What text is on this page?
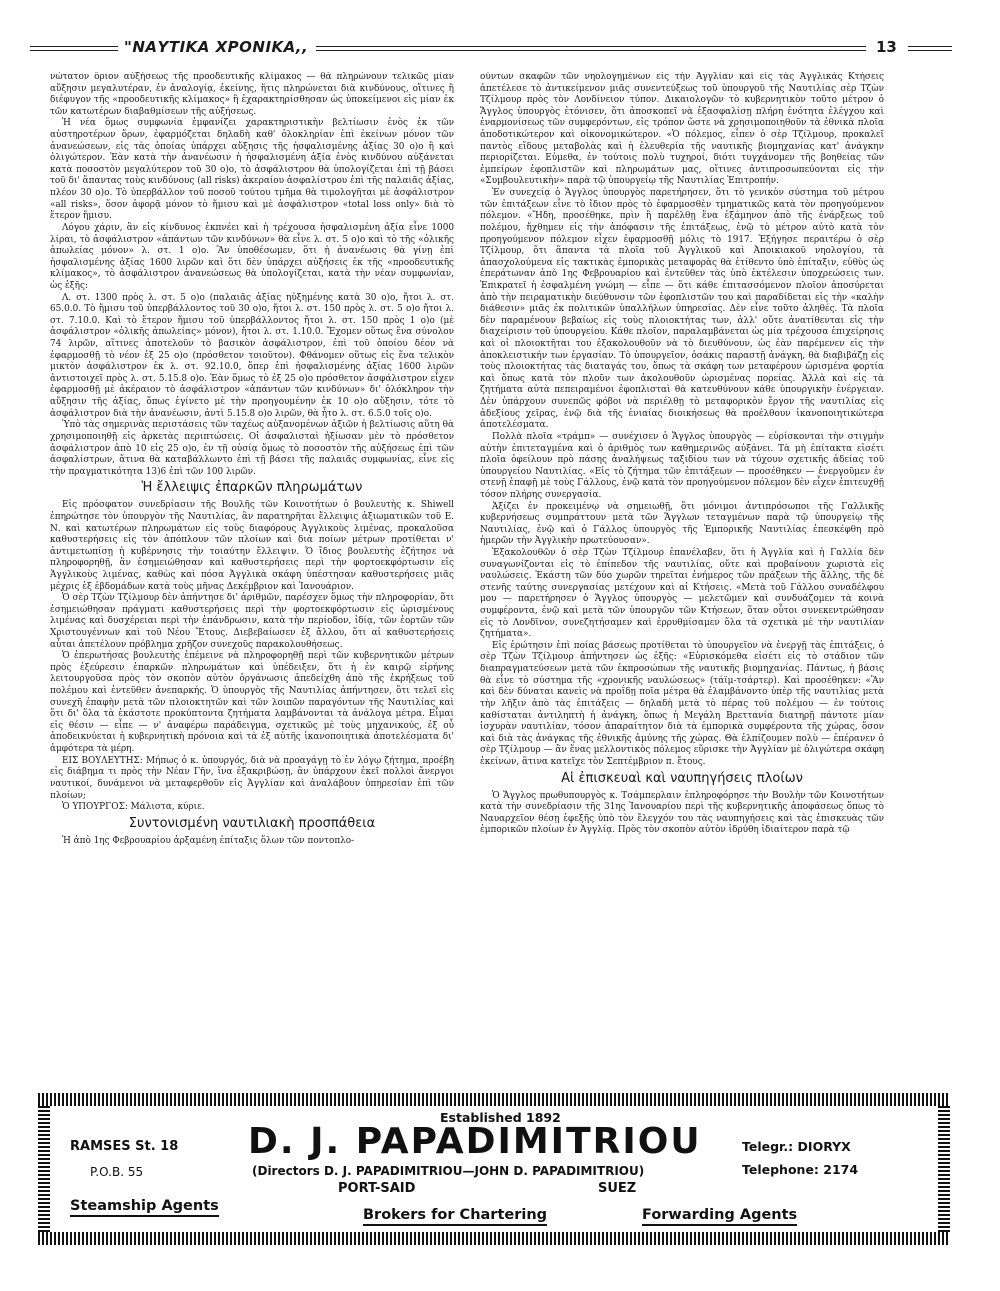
"ΝΑΥΤΙΚΑ ΧΡΟΝΙΚΑ,,	13

νώτατον ὅριον αὐξήσεως τῆς προοδευτικῆς κλίμακος — θὰ πληρώνουν τελικῶς μίαν αὔξησιν μεγαλυτέραν, ἐν ἀναλογίᾳ, ἐκείνης, ἥτις πληρώνεται διὰ κινδύνους, οἵτινες ἢ διέφυγον τῆς «προοδευτικῆς κλίμακος» ἢ ἐχαρακτηρίσθησαν ὡς ὑποκείμενοι εἰς μίαν ἐκ τῶν κατωτέρων διαβαθμίσεων τῆς αὐξήσεως.

Ἡ νέα ὅμως συμφωνία ἐμφανίζει χαρακτηριστικὴν βελτίωσιν ἑνὸς ἐκ τῶν αὐστηροτέρων ὅρων, ἐφαρμόζεται δηλαδὴ καθ' ὁλοκληρίαν ἐπὶ ἐκείνων μόνον τῶν ἀνανεώσεων, εἰς τὰς ὁποίας ὑπάρχει αὔξησις τῆς ἠσφαλισμένης ἀξίας 30 ο)ο ἢ καὶ ὀλιγώτερον. Ἐὰν κατὰ τὴν ἀνανέωσιν ἡ ἠσφαλισμένη ἀξία ἑνὸς κινδύνου αὐξάνεται κατὰ ποσοστὸν μεγαλύτερον τοῦ 30 ο)ο, τὸ ἀσφάλιστρον θὰ ὑπολογίζεται ἐπὶ τῇ βάσει τοῦ δι' ἅπαντας τοὺς κινδύνους (all risks) ἀκεραίου ἀσφαλίστρου ἐπὶ τῆς παλαιᾶς ἀξίας, πλέον 30 ο)ο. Τὸ ὑπερβάλλον τοῦ ποσοῦ τούτου τμῆμα θὰ τιμολογῆται μὲ ἀσφάλιστρον «all risks», ὅσον ἀφορᾷ μόνον τὸ ἥμισυ καὶ μὲ ἀσφάλιστρον «total loss only» διὰ τὸ ἕτερον ἥμισυ.

Λόγου χάριν, ἂν εἰς κίνδυνος ἐκπνέει καὶ ἡ τρέχουσα ἠσφαλισμένη ἀξία εἶνε 1000 λίραι, τὸ ἀσφάλιστρον «ἁπάντων τῶν κινδύνων» θὰ εἶνε λ. στ. 5 ο)ο καὶ τὸ τῆς «ὁλικῆς ἀπωλείας μόνον» λ. στ. 1 ο)ο. Ἂν ὑποθέσωμεν, ὅτι ἡ ἀνανέωσις θὰ γίνῃ ἐπὶ ἠσφαλισμένης ἀξίας 1600 λιρῶν καὶ ὅτι δὲν ὑπάρχει αὐξήσεις ἐκ τῆς «προοδευτικῆς κλίμακος», τὸ ἀσφάλιστρον ἀνανεώσεως θὰ ὑπολογίζεται, κατὰ τὴν νέαν συμφωνίαν, ὡς ἑξῆς:

Λ. στ. 1300 πρὸς λ. στ. 5 ο)ο (παλαιᾶς ἀξίας ηὐξημένης κατὰ 30 ο)ο, ἤτοι λ. στ. 65.0.0. Τὸ ἥμισυ τοῦ ὑπερβάλλοντος τοῦ 30 ο)ο, ἤτοι λ. στ. 150 πρὸς λ. στ. 5 ο)ο ἤτοι λ. στ. 7.10.0. Καὶ τὸ ἕτερον ἥμισυ τοῦ ὑπερβάλλοντος ἤτοι λ. στ. 150 πρὸς 1 ο)ο (μὲ ἀσφάλιστρον «ὁλικῆς ἀπωλείας» μόνον), ἤτοι λ. στ. 1.10.0. Ἔχομεν οὕτως ἕνα σύνολον 74 λιρῶν, αἵτινες ἀποτελοῦν τὸ βασικὸν ἀσφάλιστρον, ἐπὶ τοῦ ὁποίου δέον νὰ ἐφαρμοσθῇ τὸ νέον ἐξ 25 ο)ο (πρόσθετον τοιοῦτον). Φθάνομεν οὕτως εἰς ἕνα τελικὸν μικτὸν ἀσφάλιστρον ἐκ λ. στ. 92.10.0, ὅπερ ἐπὶ ἠσφαλισμένης ἀξίας 1600 λιρῶν ἀντιστοιχεῖ πρὸς λ. στ. 5.15.8 ο)ο. Ἐὰν ὅμως τὸ ἐξ 25 ο)ο πρόσθετον ἀσφάλιστρον εἶχεν ἐφαρμοσθῇ μὲ ἀκέραιον τὸ ἀσφάλιστρον «ἁπάντων τῶν κινδύνων» δι' ὁλόκληρον τὴν αὔξησιν τῆς ἀξίας, ὅπως ἐγίνετο μὲ τὴν προηγουμένην ἐκ 10 ο)ο αὔξησιν, τότε τὸ ἀσφάλιστρον διὰ τὴν ἀνανέωσιν, ἀντὶ 5.15.8 ο)ο λιρῶν, θὰ ἦτο λ. στ. 6.5.0 τοῖς ο)ο.

Ὑπὸ τὰς σημερινὰς περιστάσεις τῶν ταχέως αὐξανομένων ἀξιῶν ἡ βελτίωσις αὕτη θὰ χρησιμοποιηθῇ εἰς ἀρκετὰς περιπτώσεις. Οἱ ἀσφαλισταὶ ἠξίωσαν μὲν τὸ πρόσθετον ἀσφάλιστρον ἀπὸ 10 εἰς 25 ο)ο, ἐν τῇ οὐσίᾳ ὅμως τὸ ποσοστὸν τῆς αὐξήσεως ἐπὶ τῶν ἀσφαλίστρων, ἅτινα θὰ καταβάλλωντο ἐπὶ τῇ βάσει τῆς παλαιᾶς συμφωνίας, εἶνε εἰς τὴν πραγματικότητα 13)6 ἐπὶ τῶν 100 λιρῶν.

Ἡ ἔλλειψις ἐπαρκῶν πληρωμάτων

Εἰς πρόσφατον συνεδρίασιν τῆς Βουλῆς τῶν Κοινοτήτων ὁ βουλευτὴς κ. Shiwell ἐπηρώτησε τὸν ὑπουργὸν τῆς Ναυτιλίας, ἂν παρατηρῆται ἔλλειψις ἀξιωματικῶν τοῦ Ε. Ν. καὶ κατωτέρων πληρωμάτων εἰς τοὺς διαφόρους Ἀγγλικοὺς λιμένας, προκαλοῦσα καθυστερήσεις εἰς τὸν ἀπόπλουν τῶν πλοίων καὶ διὰ ποίων μέτρων προτίθεται ν' ἀντιμετωπίσῃ ἡ κυβέρνησις τὴν τοιαύτην ἔλλειψιν. Ὁ ἴδιος βουλευτὴς ἐζήτησε νὰ πληροφορηθῇ, ἂν ἐσημειώθησαν καὶ καθυστερήσεις περὶ τὴν φορτοεκφόρτωσιν εἰς Ἀγγλικοὺς λιμένας, καθὼς καὶ πόσα Ἀγγλικὰ σκάφη ὑπέστησαν καθυστερήσεις μιᾶς μέχρις ἐξ ἑβδομάδων κατὰ τοὺς μῆνας Δεκέμβριον καὶ Ἰανουάριον.

Ὁ σὲρ Τζὼν Τζίλμουρ δὲν ἀπήντησε δι' ἀριθμῶν, παρέσχεν ὅμως τὴν πληροφορίαν, ὅτι ἐσημειώθησαν πράγματι καθυστερήσεις περὶ τὴν φορτοεκφόρτωσιν εἰς ὡρισμένους λιμένας καὶ δυσχέρειαι περὶ τὴν ἐπάνδρωσιν, κατὰ τὴν περίοδον, ἰδίᾳ, τῶν ἑορτῶν τῶν Χριστουγέννων καὶ τοῦ Νέου Ἔτους. Διεβεβαίωσεν ἐξ ἄλλου, ὅτι αἱ καθυστερήσεις αὗται ἀπετέλουν πρόβλημα χρῆζον συνεχοῦς παρακολουθήσεως.

Ὁ ἐπερωτήσας βουλευτὴς ἐπέμεινε νὰ πληροφορηθῇ περὶ τῶν κυβερνητικῶν μέτρων πρὸς ἐξεύρεσιν ἐπαρκῶν πληρωμάτων καὶ ὑπέδειξεν, ὅτι ἡ ἐν καιρῷ εἰρήνης λειτουργοῦσα πρὸς τὸν σκοπὸν αὐτὸν ὀργάνωσις ἀπεδείχθη ἀπὸ τῆς ἐκρήξεως τοῦ πολέμου καὶ ἐντεῦθεν ἀνεπαρκής. Ὁ ὑπουργὸς τῆς Ναυτιλίας ἀπήντησεν, ὅτι τελεῖ εἰς συνεχῆ ἐπαφὴν μετὰ τῶν πλοιοκτητῶν καὶ τῶν λοιπῶν παραγόντων τῆς Ναυτιλίας καὶ ὅτι δι' ὅλα τὰ ἑκάστοτε προκύπτοντα ζητήματα λαμβάνονται τὰ ἀνάλογα μέτρα. Εἶμαι εἰς θέσιν — εἶπε — ν' ἀναφέρω παράδειγμα, σχετικῶς μὲ τοὺς μηχανικούς, ἐξ οὗ ἀποδεικνύεται ἡ κυβερνητικὴ πρόνοια καὶ τὰ ἐξ αὐτῆς ἱκανοποιητικὰ ἀποτελέσματα δι' ἀμφότερα τὰ μέρη.

ΕΙΣ ΒΟΥΛΕΥΤΗΣ: Μήπως ὁ κ. ὑπουργός, διὰ νὰ προαγάγῃ τὸ ἐν λόγῳ ζήτημα, προέβη εἰς διάβημα τι πρὸς τὴν Νέαν Γῆν, ἵνα ἐξακριβώσῃ, ἂν ὑπάρχουν ἐκεῖ πολλοὶ ἄνεργοι ναυτικοί, δυνάμενοι νὰ μεταφερθοῦν εἰς Ἀγγλίαν καὶ ἀναλάβουν ὑπηρεσίαν ἐπὶ τῶν πλοίων;

Ὁ ΥΠΟΥΡΓΟΣ: Μάλιστα, κύριε.

Συντονισμένη ναυτιλιακὴ προσπάθεια

Ἡ ἀπὸ 1ης Φεβρουαρίου ἀρξαμένη ἐπίταξις ὅλων τῶν ποντοπλο-

ούντων σκαφῶν τῶν νηολογημένων εἰς τὴν Ἀγγλίαν καὶ εἰς τὰς Ἀγγλικὰς Κτήσεις ἀπετέλεσε τὸ ἀντικείμενον μιᾶς συνεντεύξεως τοῦ ὑπουργοῦ τῆς Ναυτιλίας σὲρ Τζὼν Τζίλμουρ πρὸς τὸν Λονδίνειον τύπον. Δικαιολογῶν τὸ κυβερνητικὸν τοῦτο μέτρον ὁ Ἄγγλος ὑπουργὸς ἐτόνισεν, ὅτι ἀποσκοπεῖ νὰ ἐξασφαλίσῃ πλήρη ἑνότητα ἐλέγχου καὶ ἐναρμονίσεως τῶν συμφερόντων, εἰς τρόπον ὥστε νὰ χρησιμοποιηθοῦν τὰ ἐθνικὰ πλοῖα ἀποδοτικώτερον καὶ οἰκονομικώτερον. «Ὁ πόλεμος, εἶπεν ὁ σὲρ Τζίλμουρ, προκαλεῖ παντὸς εἴδους μεταβολὰς καὶ ἡ ἐλευθερία τῆς ναυτικῆς βιομηχανίας κατ' ἀνάγκην περιορίζεται. Εὐμεθα, ἐν τούτοις πολὺ τυχηροί, διότι τυγχάνομεν τῆς βοηθείας τῶν ἐμπείρων ἐφοπλιστῶν καὶ πληρωμάτων μας, οἵτινες ἀντιπροσωπεύονται εἰς τὴν «Συμβουλευτικὴν» παρὰ τῷ ὑπουργείῳ τῆς Ναυτιλίας Ἐπιτροπήν.

Ἐν συνεχείᾳ ὁ Ἄγγλος ὑπουργὸς παρετήρησεν, ὅτι τὸ γενικὸν σύστημα τοῦ μέτρου τῶν ἐπιτάξεων εἶνε τὸ ἴδιον πρὸς τὸ ἐφαρμοσθὲν τμηματικῶς κατὰ τὸν προηγούμενον πόλεμον. «Ἤδη, προσέθηκε, πρὶν ἢ παρέλθῃ ἕνα ἑξάμηνον ἀπὸ τῆς ἐνάρξεως τοῦ πολέμου, ἤχθημεν εἰς τὴν ἀπόφασιν τῆς ἐπιτάξεως, ἐνῷ τὸ μέτρον αὐτὸ κατὰ τὸν προηγούμενον πόλεμον εἶχεν ἐφαρμοσθῇ μόλις τὸ 1917. Ἐξήγησε περαιτέρω ὁ σὲρ Τζίλμουρ, ὅτι ἅπαντα τὰ πλοῖα τοῦ Ἀγγλικοῦ καὶ Ἀποικιακοῦ νηολογίου, τὰ ἀπασχολούμενα εἰς τακτικὰς ἐμπορικὰς μεταφορὰς θὰ ἐτίθεντο ὑπὸ ἐπίταξιν, εὐθὺς ὡς ἐπεράτωναν ἀπὸ 1ης Φεβρουαρίου καὶ ἐντεῦθεν τὰς ὑπὸ ἐκτέλεσιν ὑποχρεώσεις των. Ἐπικρατεῖ ἡ ἐσφαλμένη γνώμη — εἶπε — ὅτι κάθε ἐπιτασσόμενον πλοῖον ἀποσύρεται ἀπὸ τὴν πειραματικὴν διεύθυνσιν τῶν ἐφοπλιστῶν του καὶ παραδίδεται εἰς τὴν «καλὴν διάθεσιν» μιᾶς ἐκ πολιτικῶν ὑπαλλήλων ὑπηρεσίας. Δὲν εἶνε τοῦτο ἀληθές. Τὰ πλοῖα δὲν παραμένουν βεβαίως εἰς τοὺς πλοιοκτήτας των, ἀλλ' οὔτε ἀνατίθενται εἰς τὴν διαχείρισιν τοῦ ὑπουργείου. Κάθε πλοῖον, παραλαμβάνεται ὡς μία τρέχουσα ἐπιχείρησις καὶ οἱ πλοιοκτῆται του ἐξακολουθοῦν νὰ τὸ διευθύνουν, ὡς ἐὰν παρέμενεν εἰς τὴν ἀποκλειστικήν των ἐργασίαν. Τὸ ὑπουργεῖον, ὁσάκις παραστῇ ἀνάγκη, θὰ διαβιβάζῃ εἰς τοὺς πλοιοκτήτας τὰς διαταγάς του, ὅπως τὰ σκάφη των μεταφέρουν ὡρισμένα φορτία καὶ ὅπως κατὰ τὸν πλοῦν των ἀκολουθοῦν ὡρισμένας πορείας. Ἀλλὰ καὶ εἰς τὰ ζητήματα αὐτὰ πεπειραμένοι ἐφοπλισταὶ θὰ κατευθύνουν κάθε ὑπουργικὴν ἐνέργειαν. Δὲν ὑπάρχουν συνεπῶς φόβοι νὰ περιέλθῃ τὸ μεταφορικὸν ἔργον τῆς ναυτιλίας εἰς ἀδεξίους χεῖρας, ἐνῷ διὰ τῆς ἑνιαίας διοικήσεως θὰ προέλθουν ἱκανοποιητικώτερα ἀποτελέσματα.

Πολλὰ πλοῖα «τράμπ» — συνέχισεν ὁ Ἄγγλος ὑπουργὸς — εὑρίσκονται τὴν στιγμὴν αὐτὴν ἐπιτεταγμένα καὶ ὁ ἀριθμὸς των καθημερινῶς αὐξάνει. Τὰ μὴ ἐπίτακτα εἰσέτι πλοῖα ὀφείλουν πρὸ πάσης ἀναλήψεως ταξιδίου των νὰ τύχουν σχετικῆς ἀδείας τοῦ ὑπουργείου Ναυτιλίας. «Εἰς τὸ ζήτημα τῶν ἐπιτάξεων — προσέθηκεν — ἐνεργοῦμεν ἐν στενῇ ἐπαφῇ μὲ τοὺς Γάλλους, ἐνῷ κατὰ τὸν προηγούμενον πόλεμον δὲν εἶχεν ἐπιτευχθῇ τόσον πλήρης συνεργασία.

Ἀξίζει ἐν προκειμένῳ νὰ σημειωθῇ, ὅτι μόνιμοι ἀντιπρόσωποι τῆς Γαλλικῆς κυβερνήσεως συμπράττουν μετὰ τῶν Ἄγγλων τεταγμένων παρὰ τῷ ὑπουργείῳ τῆς Ναυτιλίας, ἐνῷ καὶ ὁ Γάλλος ὑπουργὸς τῆς Ἐμπορικῆς Ναυτιλίας ἐπεσκέφθη πρὸ ἡμερῶν τὴν Ἀγγλικὴν πρωτεύουσαν».

Ἐξακολουθῶν ὁ σὲρ Τζὼν Τζίλμουρ ἐπανέλαβεν, ὅτι ἡ Ἀγγλία καὶ ἡ Γαλλία δὲν συναγωνίζονται εἰς τὸ ἐπίπεδον τῆς ναυτιλίας, οὔτε καὶ προβαίνουν χωριστὰ εἰς ναυλώσεις. Ἑκάστη τῶν δύο χωρῶν τηρεῖται ἐνήμερος τῶν πράξεων τῆς ἄλλης, τῆς δὲ στενῆς ταύτης συνεργασίας μετέχουν καὶ αἱ Κτήσεις. «Μετὰ τοῦ Γάλλου συναδέλφου μου — παρετήρησεν ὁ Ἄγγλος ὑπουργὸς — μελετῶμεν καὶ συνδυάζομεν τὰ κοινὰ συμφέροντα, ἐνῷ καὶ μετὰ τῶν ὑπουργῶν τῶν Κτήσεων, ὅταν οὗτοι συνεκεντρώθησαν εἰς τὸ Λονδῖνον, συνεζητήσαμεν καὶ ἐρρυθμίσαμεν ὅλα τὰ σχετικὰ μὲ τὴν ναυτιλίαν ζητήματα».

Εἰς ἐρώτησιν ἐπὶ ποίας βάσεως προτίθεται τὸ ὑπουργεῖον νὰ ἐνεργῇ τὰς ἐπιτάξεις, ὁ σὲρ Τζὼν Τζίλμουρ ἀπήντησεν ὡς ἑξῆς: «Εὑρισκόμεθα εἰσέτι εἰς τὸ στάδιον τῶν διαπραγματεύσεων μετὰ τῶν ἐκπροσώπων τῆς ναυτικῆς βιομηχανίας. Πάντως, ἡ βάσις θὰ εἶνε τὸ σύστημα τῆς «χρονικῆς ναυλώσεως» (τάϊμ-τσάρτερ). Καὶ προσέθηκεν: «Ἂν καὶ δὲν δύναται κανεὶς νὰ προΐδῃ ποῖα μέτρα θὰ ἐλαμβάνοντο ὑπὲρ τῆς ναυτιλίας μετὰ τὴν λῆξιν ἀπὸ τὰς ἐπιτάξεις — δηλαδὴ μετὰ τὸ πέρας τοῦ πολέμου — ἐν τούτοις καθίσταται ἀντιληπτὴ ἡ ἀνάγκη, ὅπως ἡ Μεγάλη Βρεττανία διατηρῇ πάντοτε μίαν ἰσχυρὰν ναυτιλίαν, τόσον ἀπαραίτητον διὰ τὰ ἐμπορικὰ συμφέροντα τῆς χώρας, ὅσον καὶ διὰ τὰς ἀνάγκας τῆς ἐθνικῆς ἀμύνης τῆς χώρας. Θὰ ἐλπίζουμεν πολὺ — ἐπέρανεν ὁ σὲρ Τζίλμουρ — ἂν ἕνας μελλοντικὸς πόλεμος εὕρισκε τὴν Ἀγγλίαν μὲ ὀλιγώτερα σκάφη ἐκείνων, ἅτινα κατεῖχε τὸν Σεπτέμβριον π. ἔτους.

Αἱ ἐπισκευαὶ καὶ ναυπηγήσεις πλοίων

Ὁ Ἄγγλος πρωθυπουργὸς κ. Τσάμπερλαιν ἐπληροφόρησε τὴν Βουλὴν τῶν Κοινοτήτων κατὰ τὴν συνεδρίασιν τῆς 31ης Ἰανουαρίου περὶ τῆς κυβερνητικῆς ἀποφάσεως ὅπως τὸ Ναυαρχεῖον θέσῃ ἐφεξῆς ὑπὸ τὸν ἔλεγχόν του τὰς ναυπηγήσεις καὶ τὰς ἐπισκευὰς τῶν ἐμπορικῶν πλοίων ἐν Ἀγγλίᾳ. Πρὸς τὸν σκοπὸν αὐτὸν ἱδρύθη ἰδιαίτερον παρὰ τῷ

Established 1892
D. J. PAPADIMITRIOU
RAMSES St. 18
P.O.B. 55
Telegr.: DIORYX
Telephone: 2174
(Directors D. J. PAPADIMITRIOU—JOHN D. PAPADIMITRIOU)
PORT-SAID	SUEZ
Steamship Agents
Brokers for Chartering	Forwarding Agents
